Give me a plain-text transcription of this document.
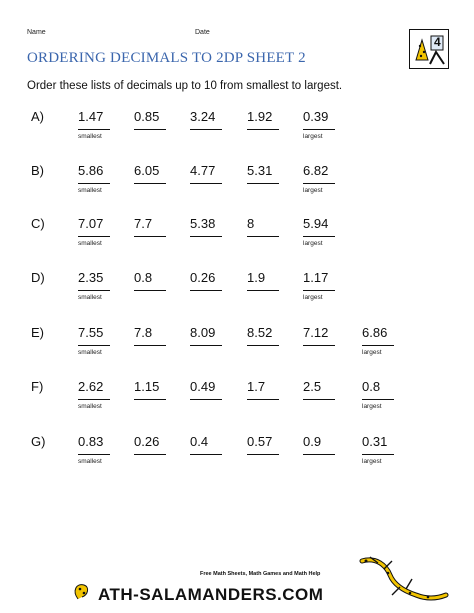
Name	Date
4
ORDERING DECIMALS TO 2DP SHEET 2
Order these lists of decimals up to 10 from smallest to largest.
A)	1.47	0.85	3.24	1.92	0.39
smallest	largest
B)	5.86	6.05	4.77	5.31	6.82
smallest	largest
C)	7.07	7.7	5.38	8	5.94
smallest	largest
D)	2.35	0.8	0.26	1.9	1.17
smallest	largest
E)	7.55	7.8	8.09	8.52	7.12	6.86
smallest	largest
F)	2.62	1.15	0.49	1.7	2.5	0.8
smallest	largest
G)	0.83	0.26	0.4	0.57	0.9	0.31
smallest	largest
Free Math Sheets, Math Games and Math Help
ATH-SALAMANDERS.COM
